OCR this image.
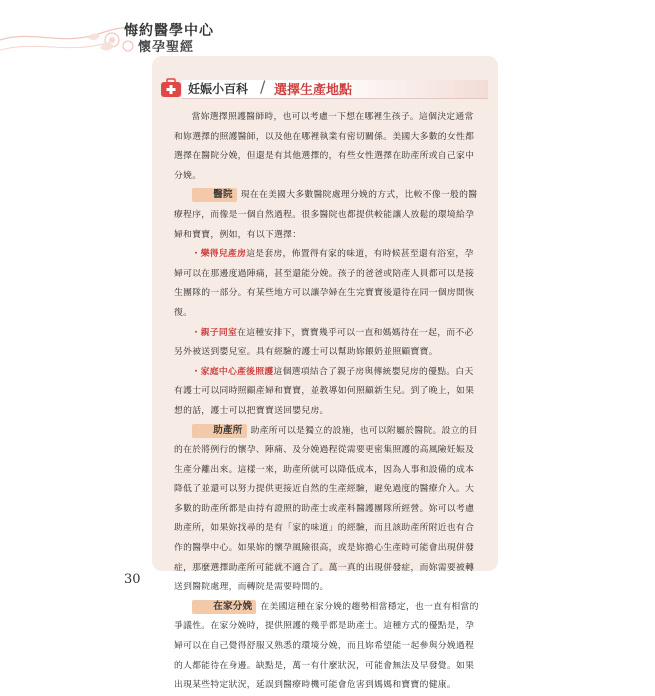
悔約醫學中心
懷孕聖經
妊娠小百科 / 選擇生產地點

當妳選擇照護醫師時，也可以考慮一下想在哪裡生孩子。這個決定通常和妳選擇的照護醫師，以及他在哪裡執業有密切關係。美國大多數的女性都選擇在醫院分娩，但還是有其他選擇的，有些女性選擇在助產所或自己家中分娩。

醫院 現在在美國大多數醫院處理分娩的方式，比較不像一般的醫療程序，而像是一個自然過程。很多醫院也都提供較能讓人放鬆的環境給孕婦和寶寶，例如，有以下選擇：

・樂得兒產房這是套房，佈置得有家的味道，有時候甚至還有浴室，孕婦可以在那邊度過陣痛，甚至還能分娩。孩子的爸爸或陪產人員都可以是接生團隊的一部分。有某些地方可以讓孕婦在生完寶寶後還待在同一個房間恢復。

・親子同室在這種安排下，寶寶幾乎可以一直和媽媽待在一起，而不必另外被送到嬰兒室。具有經驗的護士可以幫助妳餵奶並照顧寶寶。

・家庭中心產後照護這個選項結合了親子房與傳統嬰兒房的優點。白天有護士可以同時照顧產婦和寶寶，並教導如何照顧新生兒。到了晚上，如果想的話，護士可以把寶寶送回嬰兒房。

助產所 助產所可以是獨立的設施，也可以附屬於醫院。設立的目的在於將例行的懷孕、陣痛、及分娩過程從需要更密集照護的高風險妊娠及生產分離出來。這樣一來，助產所就可以降低成本，因為人事和設備的成本降低了並還可以努力提供更接近自然的生產經驗，避免過度的醫療介入。大多數的助產所都是由持有證照的助產士或產科醫護團隊所經營。妳可以考慮助產所，如果妳找尋的是有「家的味道」的經驗，而且該助產所附近也有合作的醫學中心。如果妳的懷孕風險很高，或是妳擔心生產時可能會出現併發症，那麼選擇助產所可能就不適合了。萬一真的出現併發症，而妳需要被轉送到醫院處理，而轉院是需要時間的。

在家分娩 在美國這種在家分娩的趨勢相當穩定，也一直有相當的爭議性。在家分娩時，提供照護的幾乎都是助產士。這種方式的優點是，孕婦可以在自己覺得舒服又熟悉的環境分娩，而且妳希望能一起參與分娩過程的人都能待在身邊。缺點是，萬一有什麼狀況，可能會無法及早發覺。如果出現某些特定狀況，延誤到醫療時機可能會危害到媽媽和寶寶的健康。

30
